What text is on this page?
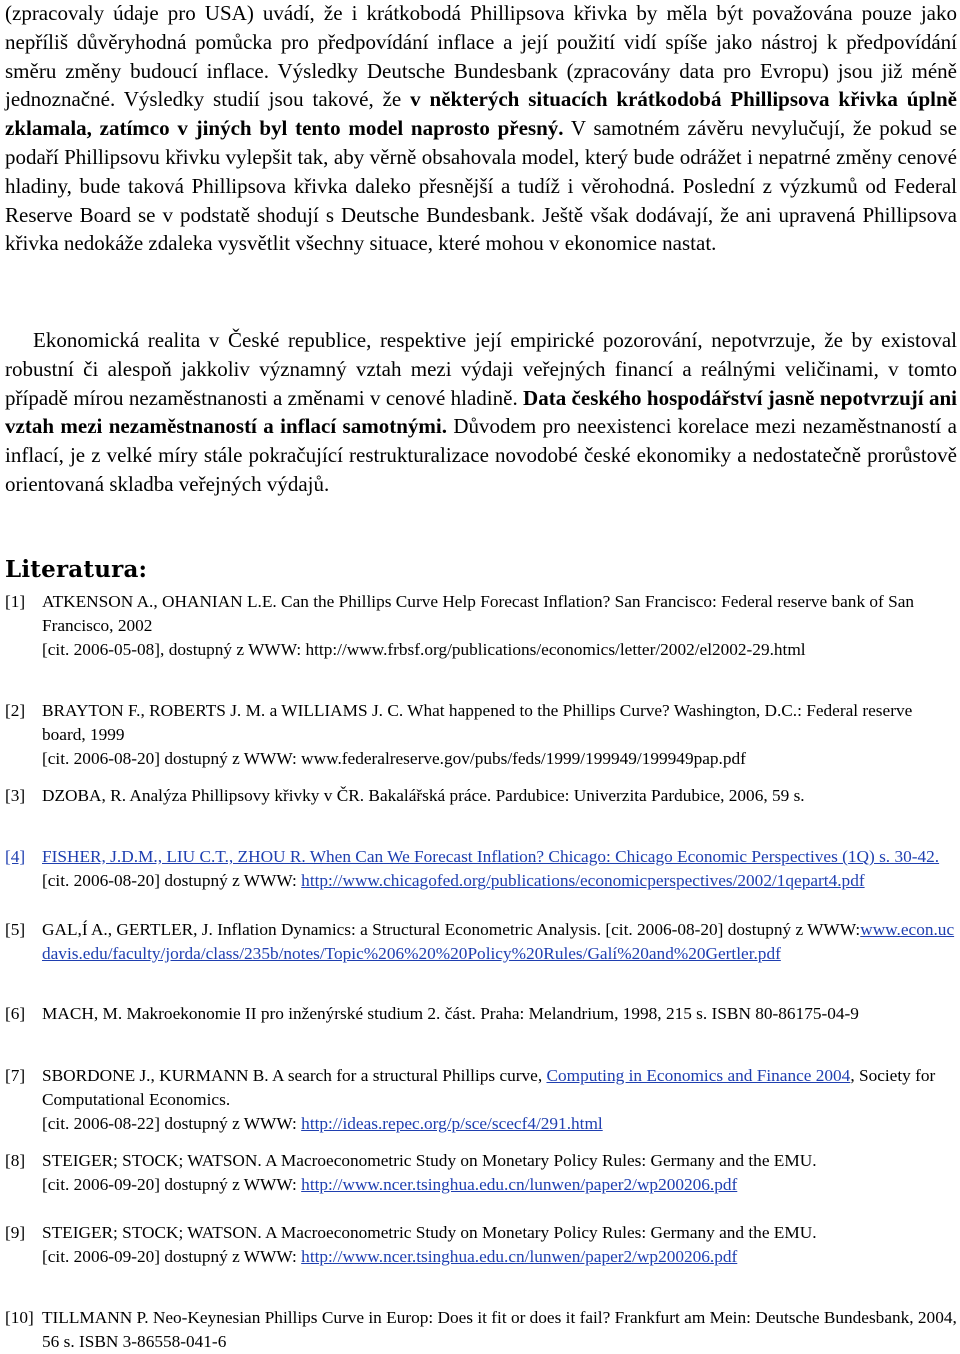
(zpracovaly údaje pro USA) uvádí, že i krátkobodá Phillipsova křivka by měla být považována pouze jako nepříliš důvěryhodná pomůcka pro předpovídání inflace a její použití vidí spíše jako nástroj k předpovídání směru změny budoucí inflace. Výsledky Deutsche Bundesbank (zpracovány data pro Evropu) jsou již méně jednoznačné. Výsledky studií jsou takové, že v některých situacích krátkodobá Phillipsova křivka úplně zklamala, zatímco v jiných byl tento model naprosto přesný. V samotném závěru nevylučují, že pokud se podaří Phillipsovu křivku vylepšit tak, aby věrně obsahovala model, který bude odrážet i nepatrné změny cenové hladiny, bude taková Phillipsova křivka daleko přesnější a tudíž i věrohodná. Poslední z výzkumů od Federal Reserve Board se v podstatě shodují s Deutsche Bundesbank. Ještě však dodávají, že ani upravená Phillipsova křivka nedokáže zdaleka vysvětlit všechny situace, které mohou v ekonomice nastat.

Ekonomická realita v České republice, respektive její empirické pozorování, nepotvrzuje, že by existoval robustní či alespoň jakkoliv významný vztah mezi výdaji veřejných financí a reálnými veličinami, v tomto případě mírou nezaměstnanosti a změnami v cenové hladině. Data českého hospodářství jasně nepotvrzují ani vztah mezi nezaměstnaností a inflací samotnými. Důvodem pro neexistenci korelace mezi nezaměstnaností a inflací, je z velké míry stále pokračující restrukturalizace novodobé české ekonomiky a nedostatečně prorůstově orientovaná skladba veřejných výdajů.

Literatura:
[1] ATKENSON A., OHANIAN L.E. Can the Phillips Curve Help Forecast Inflation? San Francisco: Federal reserve bank of San Francisco, 2002
[cit. 2006-05-08], dostupný z WWW: http://www.frbsf.org/publications/economics/letter/2002/el2002-29.html
[2] BRAYTON F., ROBERTS J. M. a WILLIAMS J. C. What happened to the Phillips Curve? Washington, D.C.: Federal reserve board, 1999
[cit. 2006-08-20] dostupný z WWW: www.federalreserve.gov/pubs/feds/1999/199949/199949pap.pdf
[3] DZOBA, R. Analýza Phillipsovy křivky v ČR. Bakalářská práce. Pardubice: Univerzita Pardubice, 2006, 59 s.
[4] FISHER, J.D.M., LIU C.T., ZHOU R. When Can We Forecast Inflation? Chicago: Chicago Economic Perspectives (1Q) s. 30-42. [cit. 2006-08-20] dostupný z WWW: http://www.chicagofed.org/publications/economicperspectives/2002/1qepart4.pdf
[5] GAL,Í A., GERTLER, J. Inflation Dynamics: a Structural Econometric Analysis. [cit. 2006-08-20] dostupný z WWW:www.econ.ucdavis.edu/faculty/jorda/class/235b/notes/Topic%206%20%20Policy%20Rules/Galí%20and%20Gertler.pdf
[6] MACH, M. Makroekonomie II pro inženýrské studium 2. část. Praha: Melandrium, 1998, 215 s. ISBN 80-86175-04-9
[7] SBORDONE J., KURMANN B. A search for a structural Phillips curve, Computing in Economics and Finance 2004, Society for Computational Economics.
[cit. 2006-08-22] dostupný z WWW: http://ideas.repec.org/p/sce/scecf4/291.html
[8] STEIGER; STOCK; WATSON. A Macroeconometric Study on Monetary Policy Rules: Germany and the EMU.
[cit. 2006-09-20] dostupný z WWW: http://www.ncer.tsinghua.edu.cn/lunwen/paper2/wp200206.pdf
[9] STEIGER; STOCK; WATSON. A Macroeconometric Study on Monetary Policy Rules: Germany and the EMU.
[cit. 2006-09-20] dostupný z WWW: http://www.ncer.tsinghua.edu.cn/lunwen/paper2/wp200206.pdf
[10] TILLMANN P. Neo-Keynesian Phillips Curve in Europ: Does it fit or does it fail? Frankfurt am Mein: Deutsche Bundesbank, 2004, 56 s. ISBN 3-86558-041-6
